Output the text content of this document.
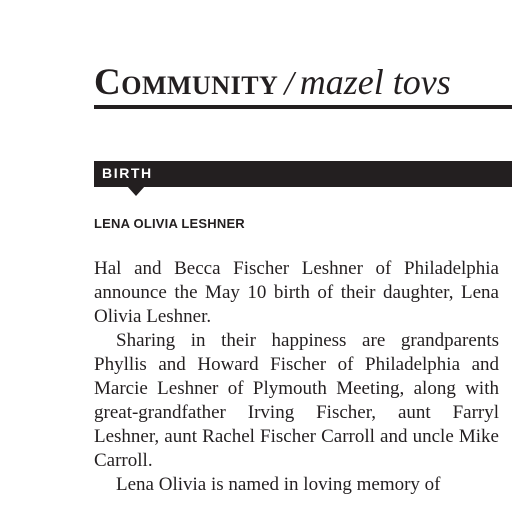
Community / mazel tovs
BIRTH
LENA OLIVIA LESHNER

Hal and Becca Fischer Leshner of Philadelphia announce the May 10 birth of their daughter, Lena Olivia Leshner.

Sharing in their happiness are grandparents Phyllis and Howard Fischer of Philadelphia and Marcie Leshner of Plymouth Meeting, along with great-grandfather Irving Fischer, aunt Farryl Leshner, aunt Rachel Fischer Carroll and uncle Mike Carroll.

Lena Olivia is named in loving memory of
